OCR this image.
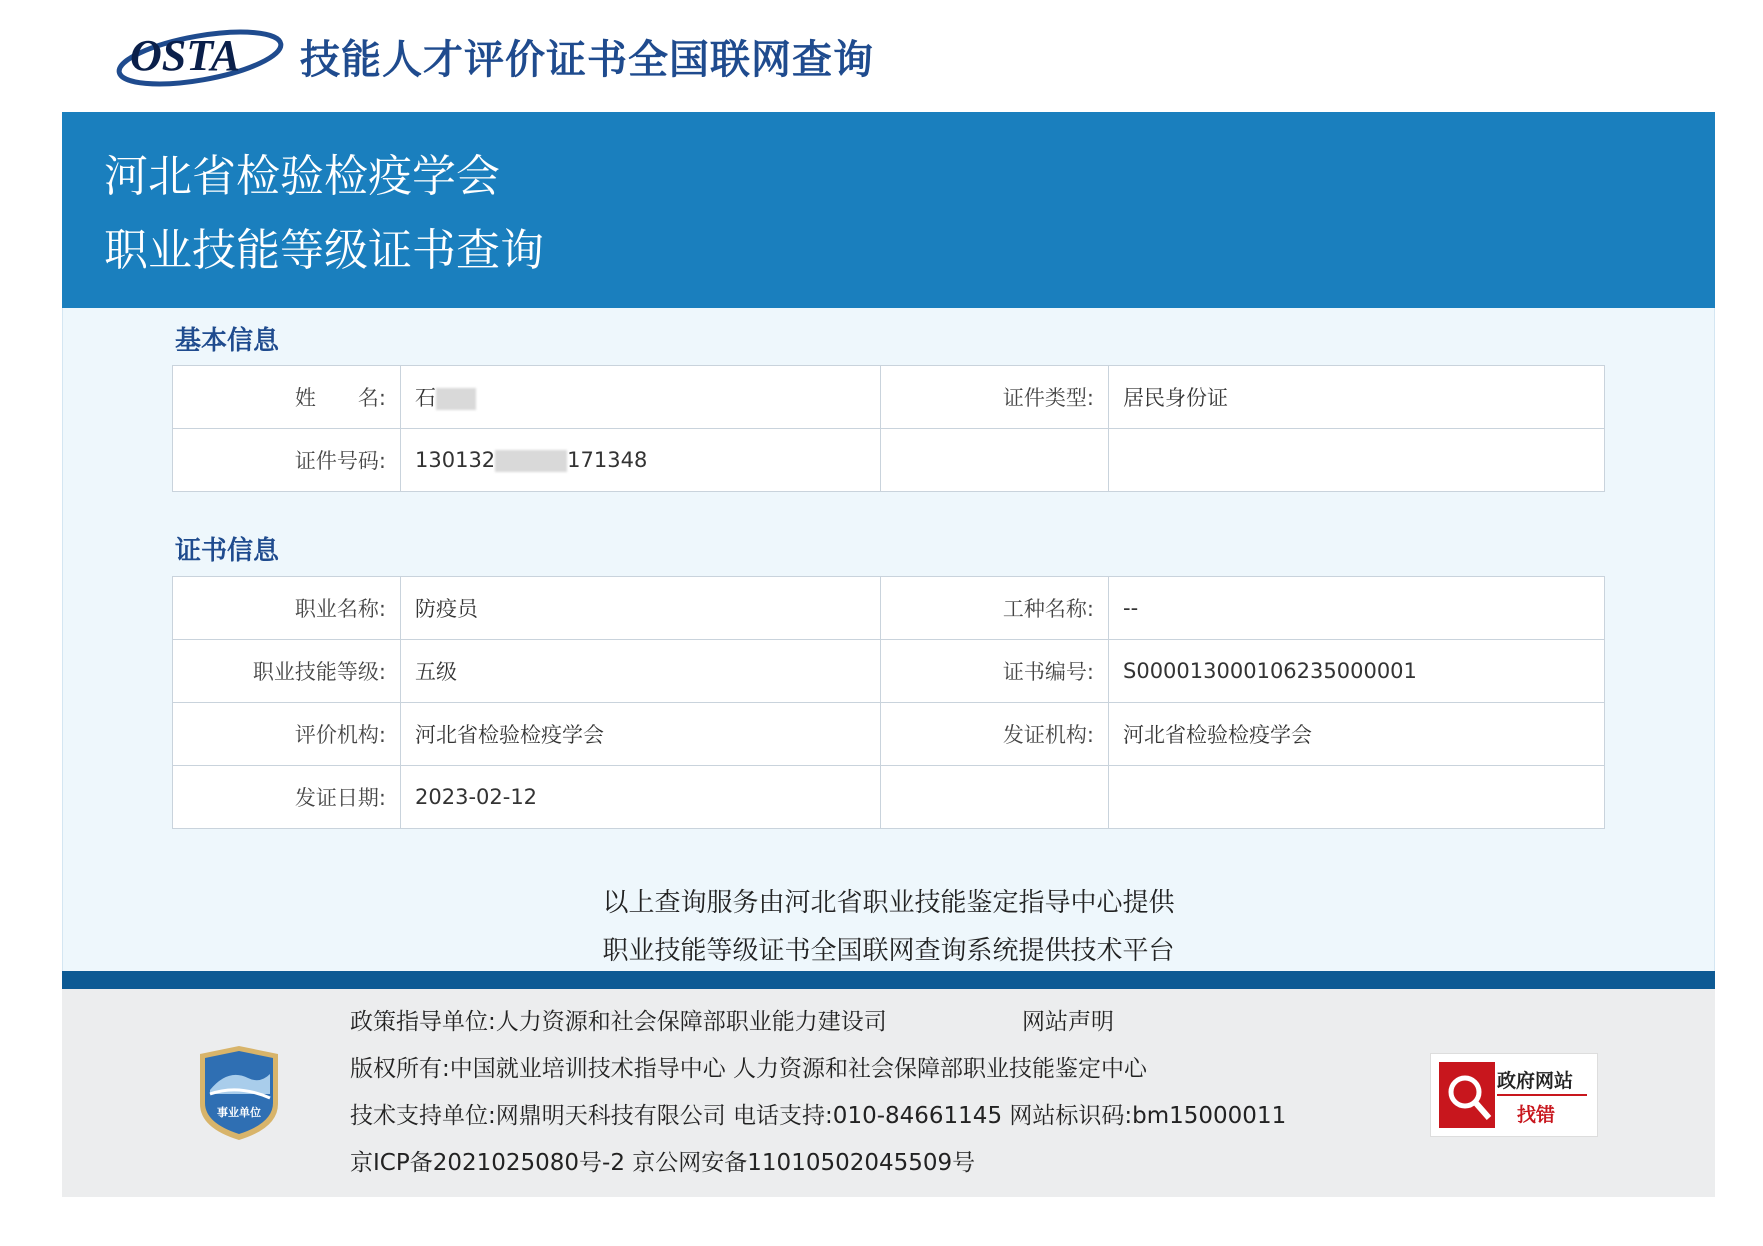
OSTA 技能人才评价证书全国联网查询
河北省检验检疫学会
职业技能等级证书查询
基本信息
姓　　名:	石	证件类型:	居民身份证
证件号码:	130132 171348		
证书信息
职业名称:	防疫员	工种名称:	--
职业技能等级:	五级	证书编号:	S000013000106235000001
评价机构:	河北省检验检疫学会	发证机构:	河北省检验检疫学会
发证日期:	2023-02-12		
以上查询服务由河北省职业技能鉴定指导中心提供
职业技能等级证书全国联网查询系统提供技术平台
事业单位
政策指导单位:人力资源和社会保障部职业能力建设司	网站声明
版权所有:中国就业培训技术指导中心 人力资源和社会保障部职业技能鉴定中心
技术支持单位:网鼎明天科技有限公司 电话支持:010-84661145 网站标识码:bm15000011
京ICP备2021025080号-2 京公网安备11010502045509号
政府网站
找错
